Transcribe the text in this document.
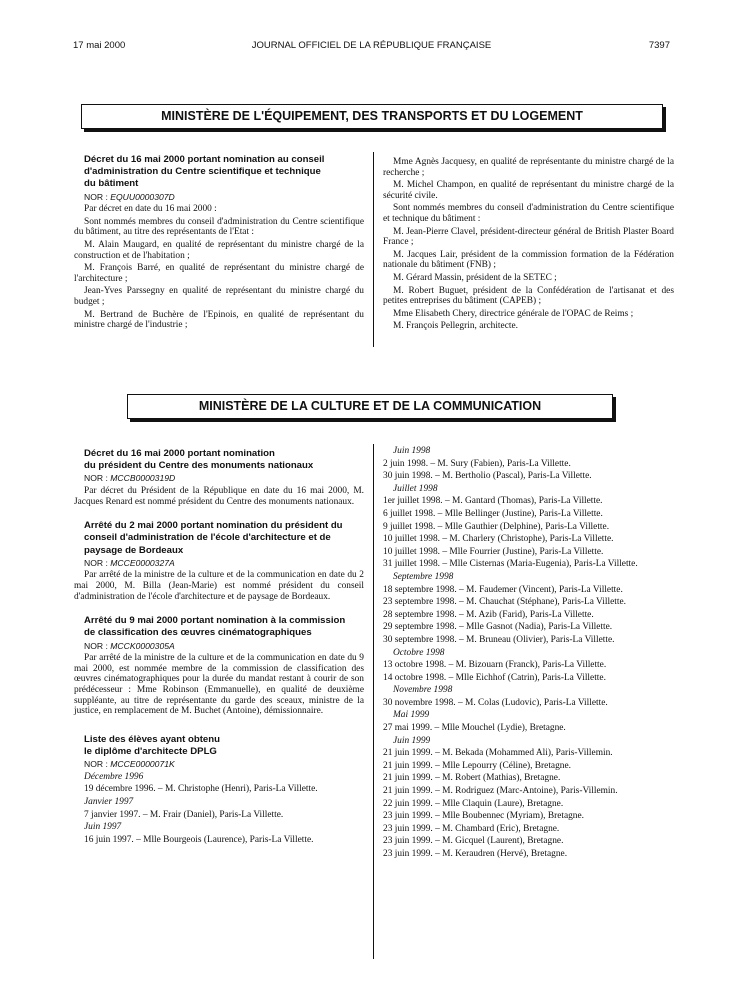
17 mai 2000	JOURNAL OFFICIEL DE LA RÉPUBLIQUE FRANÇAISE	7397
MINISTÈRE DE L'ÉQUIPEMENT, DES TRANSPORTS ET DU LOGEMENT

Décret du 16 mai 2000 portant nomination au conseil

d'administration du Centre scientifique et technique

du bâtiment

NOR : EQUU0000307D

Par décret en date du 16 mai 2000 :

Sont nommés membres du conseil d'administration du Centre scientifique du bâtiment, au titre des représentants de l'Etat :

M. Alain Maugard, en qualité de représentant du ministre chargé de la construction et de l'habitation ;

M. François Barré, en qualité de représentant du ministre chargé de l'architecture ;

Jean-Yves Parssegny en qualité de représentant du ministre chargé du budget ;

M. Bertrand de Buchère de l'Epinois, en qualité de représentant du ministre chargé de l'industrie ;

Mme Agnès Jacquesy, en qualité de représentante du ministre chargé de la recherche ;

M. Michel Champon, en qualité de représentant du ministre chargé de la sécurité civile.

Sont nommés membres du conseil d'administration du Centre scientifique et technique du bâtiment :

M. Jean-Pierre Clavel, président-directeur général de British Plaster Board France ;

M. Jacques Lair, président de la commission formation de la Fédération nationale du bâtiment (FNB) ;

M. Gérard Massin, président de la SETEC ;

M. Robert Buguet, président de la Confédération de l'artisanat et des petites entreprises du bâtiment (CAPEB) ;

Mme Elisabeth Chery, directrice générale de l'OPAC de Reims ;

M. François Pellegrin, architecte.

MINISTÈRE DE LA CULTURE ET DE LA COMMUNICATION

Décret du 16 mai 2000 portant nomination

du président du Centre des monuments nationaux

NOR : MCCB0000319D

Par décret du Président de la République en date du 16 mai 2000, M. Jacques Renard est nommé président du Centre des monuments nationaux.

Arrêté du 2 mai 2000 portant nomination du président du

conseil d'administration de l'école d'architecture et de

paysage de Bordeaux

NOR : MCCE0000327A

Par arrêté de la ministre de la culture et de la communication en date du 2 mai 2000, M. Billa (Jean-Marie) est nommé président du conseil d'administration de l'école d'architecture et de paysage de Bordeaux.

Arrêté du 9 mai 2000 portant nomination à la commission

de classification des œuvres cinématographiques

NOR : MCCK0000305A

Par arrêté de la ministre de la culture et de la communication en date du 9 mai 2000, est nommée membre de la commission de classification des œuvres cinématographiques pour la durée du mandat restant à courir de son prédécesseur : Mme Robinson (Emmanuelle), en qualité de deuxième suppléante, au titre de représentante du garde des sceaux, ministre de la justice, en remplacement de M. Buchet (Antoine), démissionnaire.

Liste des élèves ayant obtenu

le diplôme d'architecte DPLG

NOR : MCCE0000071K

Décembre 1996

19 décembre 1996. – M. Christophe (Henri), Paris-La Villette.

Janvier 1997

7 janvier 1997. – M. Frair (Daniel), Paris-La Villette.

Juin 1997

16 juin 1997. – Mlle Bourgeois (Laurence), Paris-La Villette.

Juin 1998

2 juin 1998. – M. Sury (Fabien), Paris-La Villette.

30 juin 1998. – M. Bertholio (Pascal), Paris-La Villette.

Juillet 1998

1er juillet 1998. – M. Gantard (Thomas), Paris-La Villette.

6 juillet 1998. – Mlle Bellinger (Justine), Paris-La Villette.

9 juillet 1998. – Mlle Gauthier (Delphine), Paris-La Villette.

10 juillet 1998. – M. Charlery (Christophe), Paris-La Villette.

10 juillet 1998. – Mlle Fourrier (Justine), Paris-La Villette.

31 juillet 1998. – Mlle Cisternas (Maria-Eugenia), Paris-La Villette.

Septembre 1998

18 septembre 1998. – M. Faudemer (Vincent), Paris-La Villette.

23 septembre 1998. – M. Chauchat (Stéphane), Paris-La Villette.

28 septembre 1998. – M. Azib (Farid), Paris-La Villette.

29 septembre 1998. – Mlle Gasnot (Nadia), Paris-La Villette.

30 septembre 1998. – M. Bruneau (Olivier), Paris-La Villette.

Octobre 1998

13 octobre 1998. – M. Bizouarn (Franck), Paris-La Villette.

14 octobre 1998. – Mlle Eichhof (Catrin), Paris-La Villette.

Novembre 1998

30 novembre 1998. – M. Colas (Ludovic), Paris-La Villette.

Mai 1999

27 mai 1999. – Mlle Mouchel (Lydie), Bretagne.

Juin 1999

21 juin 1999. – M. Bekada (Mohammed Ali), Paris-Villemin.

21 juin 1999. – Mlle Lepourry (Céline), Bretagne.

21 juin 1999. – M. Robert (Mathias), Bretagne.

21 juin 1999. – M. Rodriguez (Marc-Antoine), Paris-Villemin.

22 juin 1999. – Mlle Claquin (Laure), Bretagne.

23 juin 1999. – Mlle Boubennec (Myriam), Bretagne.

23 juin 1999. – M. Chambard (Eric), Bretagne.

23 juin 1999. – M. Gicquel (Laurent), Bretagne.

23 juin 1999. – M. Keraudren (Hervé), Bretagne.
